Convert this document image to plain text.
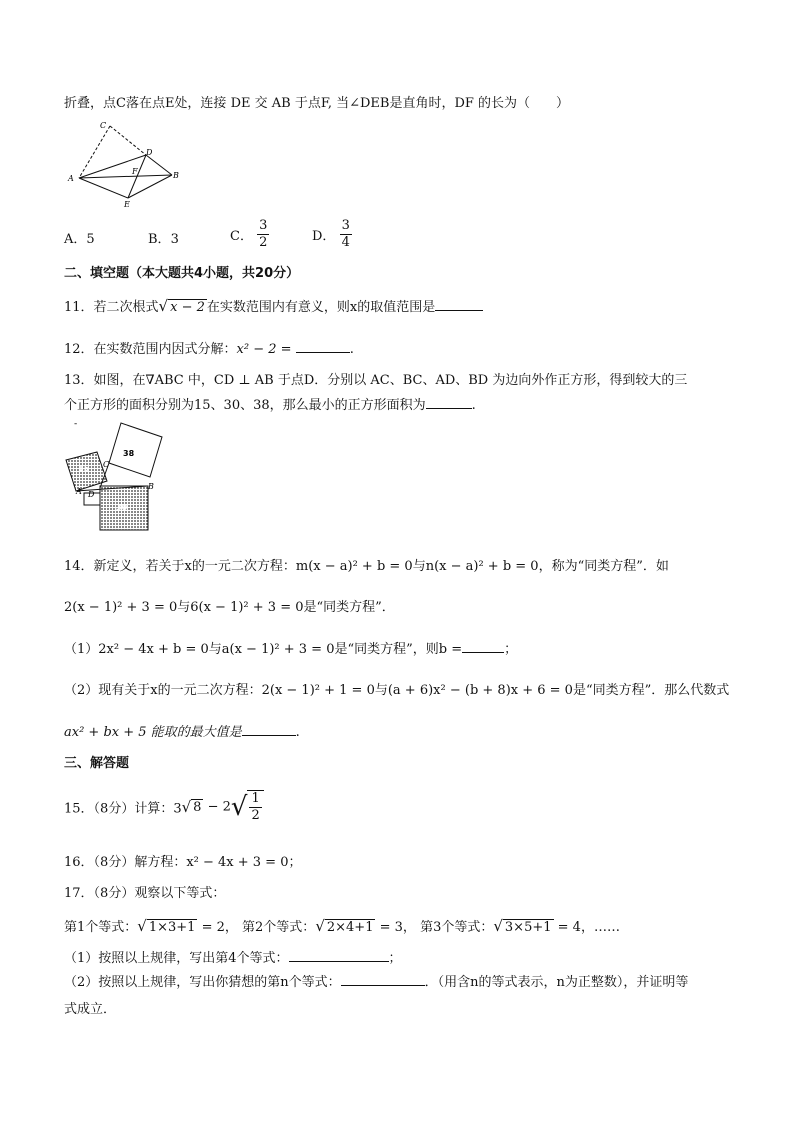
折叠，点C落在点E处，连接 DE 交 AB 于点F, 当∠DEB是直角时，DF 的长为（　　）
C
D
A
F	B
E
A．5	B．3	C． $\frac{3}{2}$	D． $\frac{3}{4}$
二、填空题（本大题共4小题，共20分）
11．若二次根式√ x − 2 在实数范围内有意义，则x的取值范围是
12．在实数范围内因式分解：x² − 2 =	.
13．如图，在∇ABC 中，CD ⊥ AB 于点D．分别以 AC、BC、AD、BD 为边向外作正方形，得到较大的三
个正方形的面积分别为15、30、38，那么最小的正方形面积为	.
-
38
C
A D
B
15
30
14．新定义，若关于x的一元二次方程：m(x − a)² + b = 0与n(x − a)² + b = 0，称为“同类方程”．如
2(x − 1)² + 3 = 0与6(x − 1)² + 3 = 0是“同类方程”．
（1）2x² − 4x + b = 0与a(x − 1)² + 3 = 0是“同类方程”，则b =	；
（2）现有关于x的一元二次方程：2(x − 1)² + 1 = 0与(a + 6)x² − (b + 8)x + 6 = 0是“同类方程”．那么代数式
ax² + bx + 5 能取的最大值是	.
三、解答题
15．（8分）计算：3√ $8 - 2√ \frac{1}{2}$
16．（8分）解方程：x² − 4x + 3 = 0；
17．（8分）观察以下等式：
第1个等式：√ 1×3+1 = 2， 第2个等式：√ 2×4+1 = 3， 第3个等式：√ 3×5+1 = 4，……
（1）按照以上规律，写出第4个等式：	；
（2）按照以上规律，写出你猜想的第n个等式：	．（用含n的等式表示，n为正整数），并证明等
式成立．
